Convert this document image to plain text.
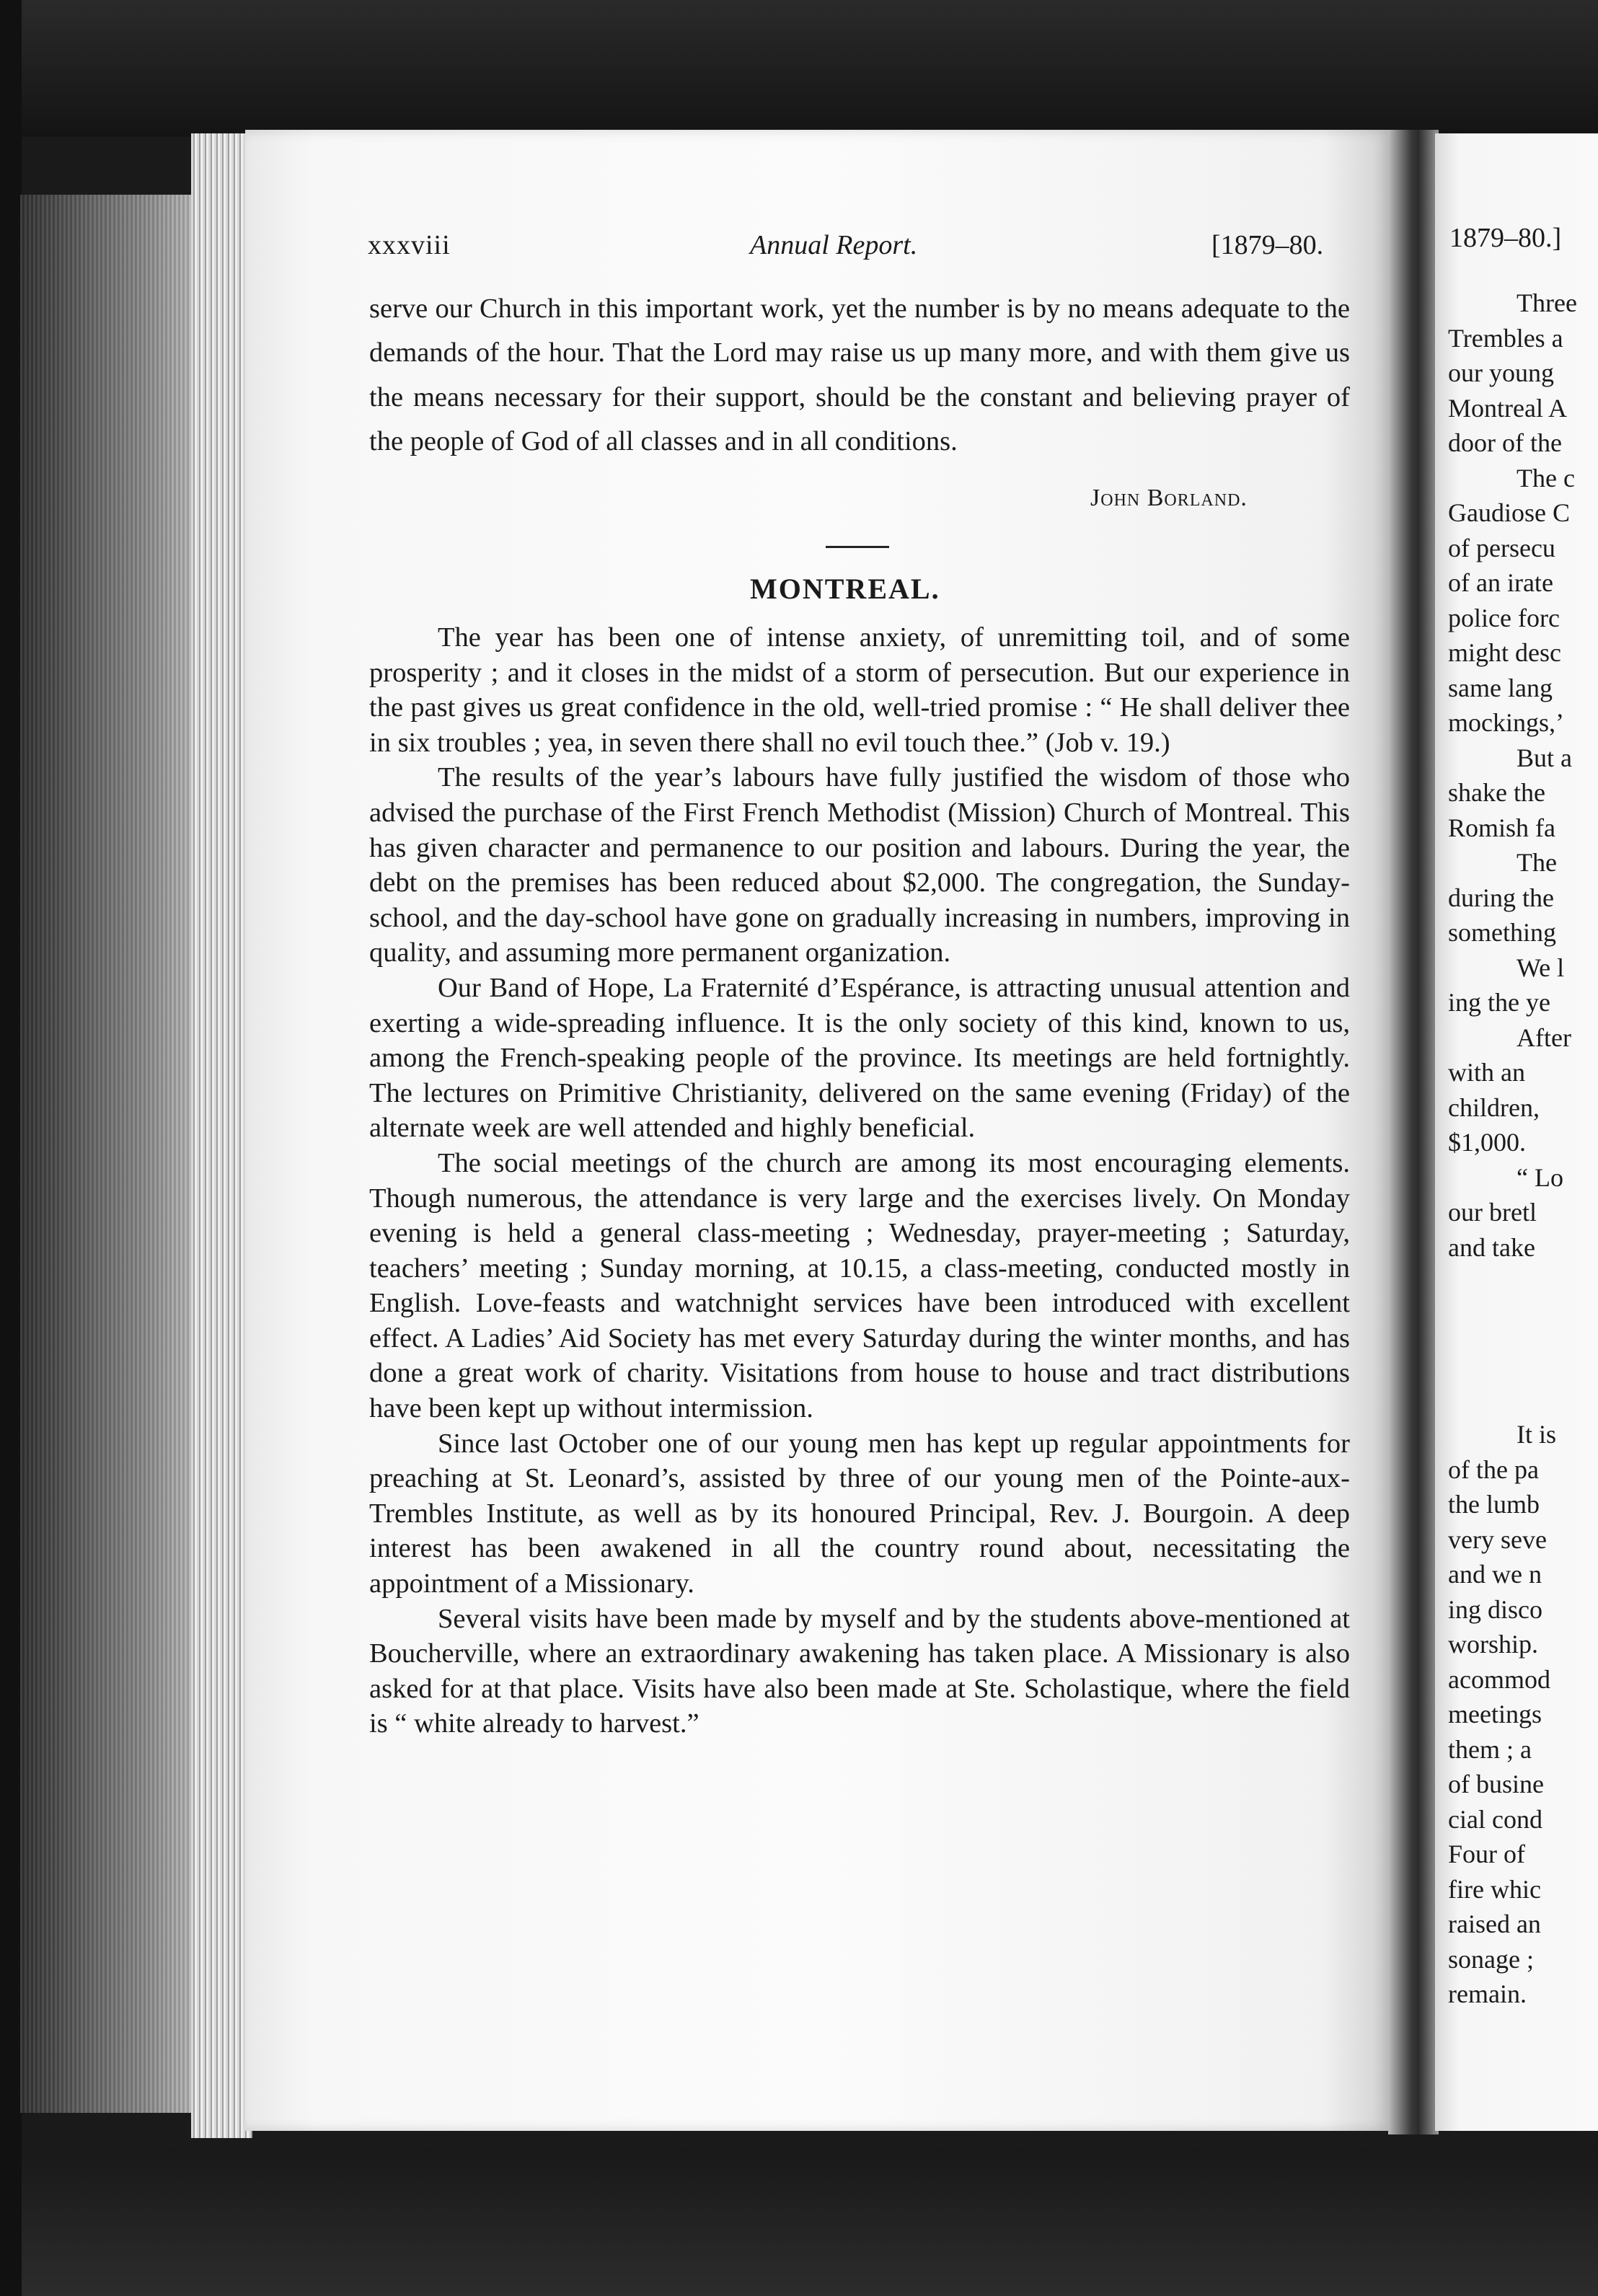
xxxviii	Annual Report.	[1879–80.

serve our Church in this important work, yet the number is by no means adequate to the demands of the hour. That the Lord may raise us up many more, and with them give us the means necessary for their support, should be the constant and believing prayer of the people of God of all classes and in all conditions.

John Borland.
MONTREAL.

The year has been one of intense anxiety, of unremitting toil, and of some prosperity ; and it closes in the midst of a storm of persecution. But our experience in the past gives us great confidence in the old, well-tried promise : “ He shall deliver thee in six troubles ; yea, in seven there shall no evil touch thee.” (Job v. 19.)

The results of the year’s labours have fully justified the wisdom of those who advised the purchase of the First French Methodist (Mission) Church of Montreal. This has given character and permanence to our position and labours. During the year, the debt on the premises has been reduced about $2,000. The congregation, the Sunday-school, and the day-school have gone on gradually increasing in numbers, improving in quality, and assuming more permanent organization.

Our Band of Hope, La Fraternité d’Espérance, is attracting unusual attention and exerting a wide-spreading influence. It is the only society of this kind, known to us, among the French-speaking people of the province. Its meetings are held fortnightly. The lectures on Primitive Christianity, delivered on the same evening (Friday) of the alternate week are well attended and highly beneficial.

The social meetings of the church are among its most encouraging elements. Though numerous, the attendance is very large and the exercises lively. On Monday evening is held a general class-meeting ; Wednesday, prayer-meeting ; Saturday, teachers’ meeting ; Sunday morning, at 10.15, a class-meeting, conducted mostly in English. Love-feasts and watchnight services have been introduced with excellent effect. A Ladies’ Aid Society has met every Saturday during the winter months, and has done a great work of charity. Visitations from house to house and tract distributions have been kept up without intermission.

Since last October one of our young men has kept up regular appointments for preaching at St. Leonard’s, assisted by three of our young men of the Pointe-aux-Trembles Institute, as well as by its honoured Principal, Rev. J. Bourgoin. A deep interest has been awakened in all the country round about, necessitating the appointment of a Missionary.

Several visits have been made by myself and by the students above-mentioned at Boucherville, where an extraordinary awakening has taken place. A Missionary is also asked for at that place. Visits have also been made at Ste. Scholastique, where the field is “ white already to harvest.”

1879–80.]
Three
Trembles a
our young
Montreal A
door of the
The c
Gaudiose C
of persecu
of an irate
police forc
might desc
same lang
mockings,’
But a
shake the
Romish fa
The
during the
something
We l
ing the ye
After
with an
children,
$1,000.
“ Lo
our bretl
and take
It is
of the pa
the lumb
very seve
and we n
ing disco
worship.
acommod
meetings
them ; a
of busine
cial cond
Four of
fire whic
raised an
sonage ;
remain.
